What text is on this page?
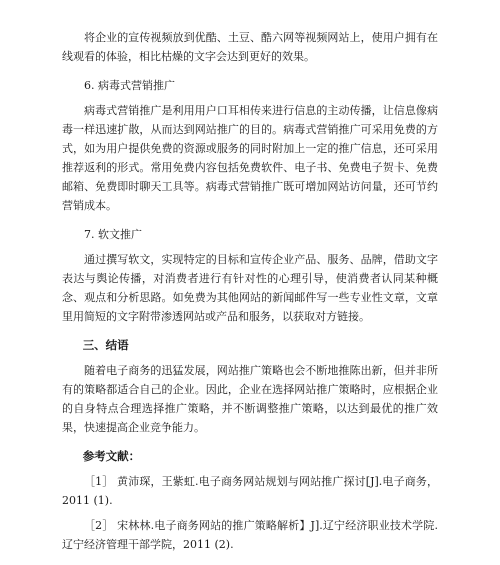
将企业的宣传视频放到优酷、土豆、酷六网等视频网站上，使用户拥有在线观看的体验，相比枯燥的文字会达到更好的效果。

6. 病毒式营销推广

病毒式营销推广是利用用户口耳相传来进行信息的主动传播，让信息像病毒一样迅速扩散，从而达到网站推广的目的。病毒式营销推广可采用免费的方式，如为用户提供免费的资源或服务的同时附加上一定的推广信息，还可采用推荐返利的形式。常用免费内容包括免费软件、电子书、免费电子贺卡、免费邮箱、免费即时聊天工具等。病毒式营销推广既可增加网站访问量，还可节约营销成本。

7. 软文推广

通过撰写软文，实现特定的目标和宣传企业产品、服务、品牌，借助文字表达与舆论传播，对消费者进行有针对性的心理引导，使消费者认同某种概念、观点和分析思路。如免费为其他网站的新闻邮件写一些专业性文章，文章里用简短的文字附带渗透网站或产品和服务，以获取对方链接。

三、结语

随着电子商务的迅猛发展，网站推广策略也会不断地推陈出新，但并非所有的策略都适合自己的企业。因此，企业在选择网站推广策略时，应根据企业的自身特点合理选择推广策略，并不断调整推广策略，以达到最优的推广效果，快速提高企业竞争能力。

参考文献：

［1］ 黄沛琛，王紫虹.电子商务网站规划与网站推广探讨[J].电子商务，2011 (1).

［2］ 宋林林.电子商务网站的推广策略解析】J].辽宁经济职业技术学院.辽宁经济管理干部学院，2011 (2).
